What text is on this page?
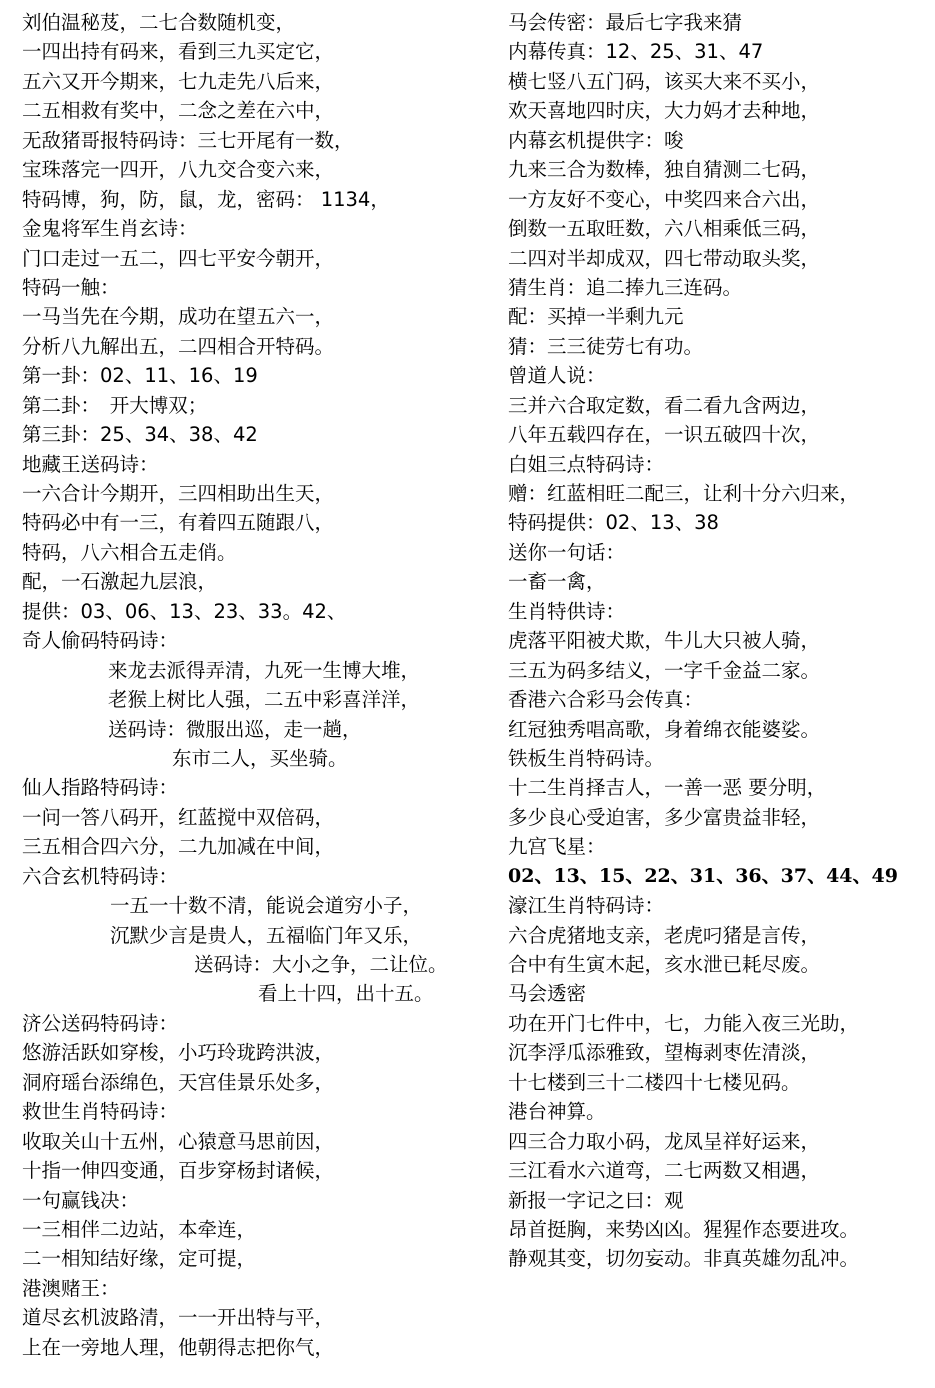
刘伯温秘芨，二七合数随机变，
一四出持有码来，看到三九买定它，
五六又开今期来，七九走先八后来，
二五相救有奖中，二念之差在六中，
无敌猪哥报特码诗：三七开尾有一数，
宝珠落完一四开，八九交合变六来，
特码博，狗，防，鼠，龙，密码： 1134，
金鬼将军生肖玄诗：
门口走过一五二，四七平安今朝开，
特码一触：
一马当先在今期，成功在望五六一，
分析八九解出五，二四相合开特码。
第一卦：02、11、16、19
第二卦：　开大博双；
第三卦：25、34、38、42
地藏王送码诗：
一六合计今期开，三四相助出生天，
特码必中有一三，有着四五随跟八，
特码，八六相合五走俏。
配，一石激起九层浪，
提供：03、06、13、23、33。42、
奇人偷码特码诗：
来龙去派得弄清，九死一生博大堆，
老猴上树比人强，二五中彩喜洋洋，
送码诗：微服出巡，走一趟，
东市二人，买坐骑。
仙人指路特码诗：
一问一答八码开，红蓝搅中双倍码，
三五相合四六分，二九加减在中间，
六合玄机特码诗：
一五一十数不清，能说会道穷小子，
沉默少言是贵人，五福临门年又乐，
送码诗：大小之争，二让位。
看上十四，出十五。
济公送码特码诗：
悠游活跃如穿梭，小巧玲珑跨洪波，
洞府瑶台添绵色，天宫佳景乐处多，
救世生肖特码诗：
收取关山十五州，心猿意马思前因，
十指一伸四变通，百步穿杨封诸候，
一句赢钱决：
一三相伴二边站，本牵连，
二一相知结好缘，定可提，
港澳赌王：
道尽玄机波路清，一一开出特与平，
上在一旁地人理，他朝得志把你气，
马会传密：最后七字我来猜
内幕传真：12、25、31、47
横七竖八五门码，该买大来不买小，
欢天喜地四时庆，大力妈才去种地，
内幕玄机提供字：唆
九来三合为数棒，独自猜测二七码，
一方友好不变心，中奖四来合六出，
倒数一五取旺数，六八相乘低三码，
二四对半却成双，四七带动取头奖，
猜生肖：追二捧九三连码。
配：买掉一半剩九元
猜：三三徒劳七有功。
曾道人说：
三并六合取定数，看二看九含两边，
八年五载四存在，一识五破四十次，
白姐三点特码诗：
赠：红蓝相旺二配三，让利十分六归来，
特码提供：02、13、38
送你一句话：
一畜一禽，
生肖特供诗：
虎落平阳被犬欺，牛儿大只被人骑，
三五为码多结义，一字千金益二家。
香港六合彩马会传真：
红冠独秀唱高歌，身着绵衣能婆娑。
铁板生肖特码诗。
十二生肖择吉人，一善一恶 要分明，
多少良心受迫害，多少富贵益非轻，
九宫飞星：
02、13、15、22、31、36、37、44、49
濠江生肖特码诗：
六合虎猪地支亲，老虎叼猪是言传，
合中有生寅木起，亥水泄已耗尽废。
马会透密
功在开门七件中，七，力能入夜三光助，
沉李浮瓜添雅致，望梅剥枣佐清淡，
十七楼到三十二楼四十七楼见码。
港台神算。
四三合力取小码，龙凤呈祥好运来，
三江看水六道弯，二七两数又相遇，
新报一字记之曰：观
昂首挺胸，来势凶凶。猩猩作态要进攻。
静观其变，切勿妄动。非真英雄勿乱冲。
